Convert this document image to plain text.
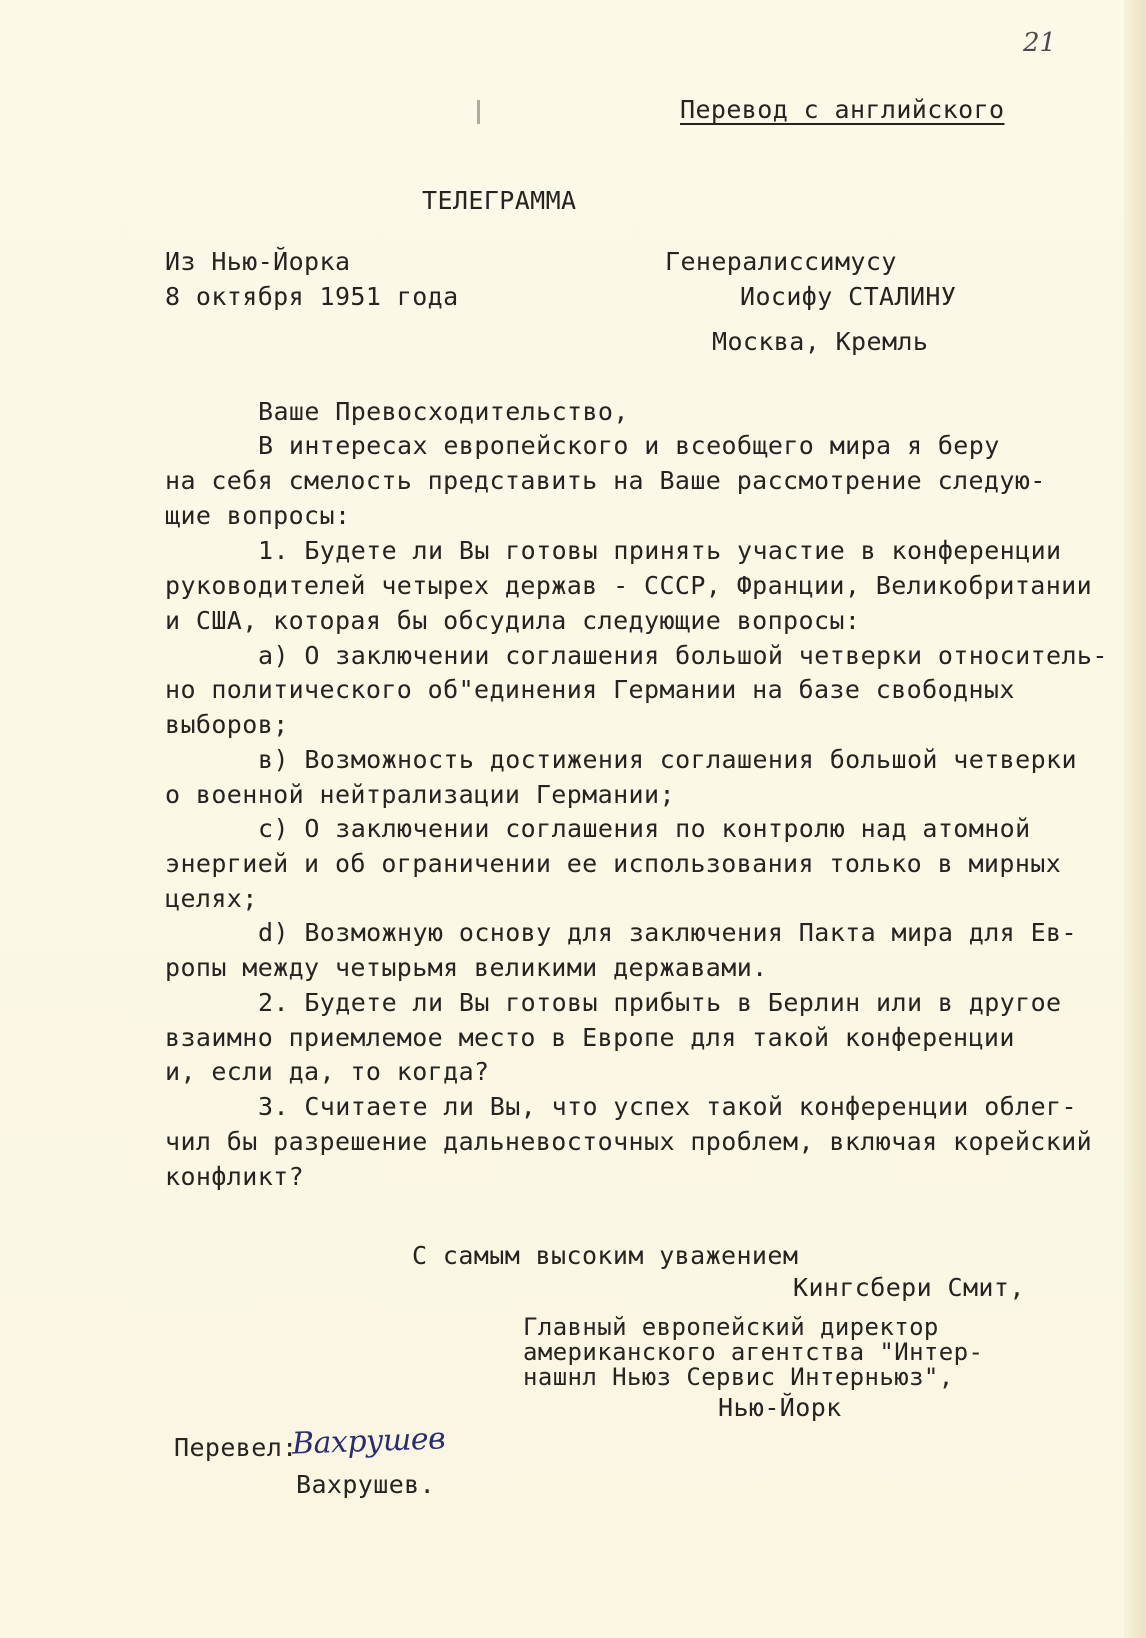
21
Перевод с английского
ТЕЛЕГРАММА
Из Нью-Йорка
8 октября 1951 года
Генералиссимусу
Иосифу СТАЛИНУ
Москва, Кремль
Ваше Превосходительство,
В интересах европейского и всеобщего мира я беру
на себя смелость представить на Ваше рассмотрение следую-
щие вопросы:
1. Будете ли Вы готовы принять участие в конференции
руководителей четырех держав - СССР, Франции, Великобритании
и США, которая бы обсудила следующие вопросы:
а) О заключении соглашения большой четверки относитель-
но политического об"единения Германии на базе свободных
выборов;
в) Возможность достижения соглашения большой четверки
о военной нейтрализации Германии;
с) О заключении соглашения по контролю над атомной
энергией и об ограничении ее использования только в мирных
целях;
d) Возможную основу для заключения Пакта мира для Ев-
ропы между четырьмя великими державами.
2. Будете ли Вы готовы прибыть в Берлин или в другое
взаимно приемлемое место в Европе для такой конференции
и, если да, то когда?
3. Считаете ли Вы, что успех такой конференции облег-
чил бы разрешение дальневосточных проблем, включая корейский
конфликт?
С самым высоким уважением
Кингсбери Смит,
Главный европейский директор
американского агентства "Интер-
нашнл Ньюз Сервис Интерньюз",
Нью-Йорк
Перевел:
Вахрушев
Вахрушев.
